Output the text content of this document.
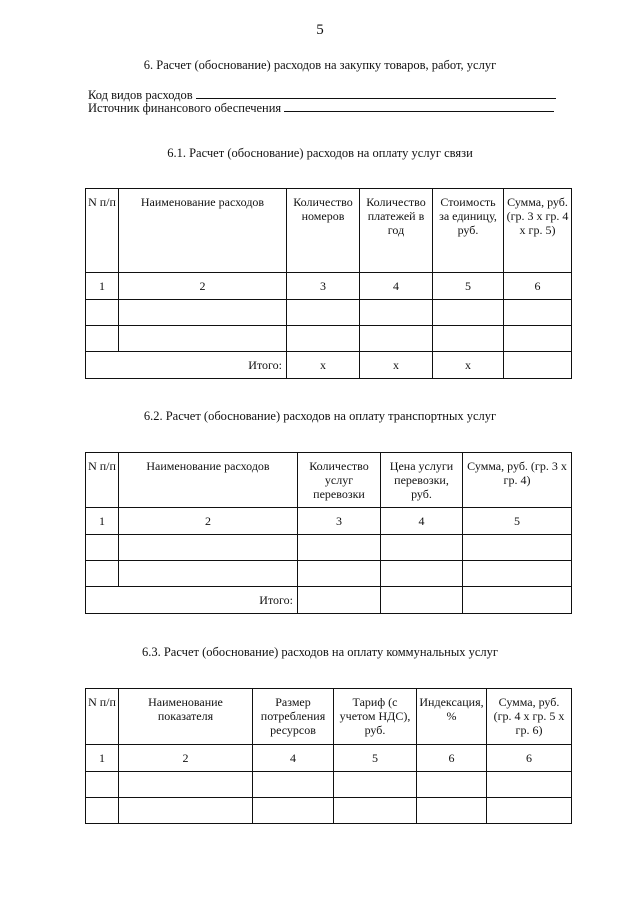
5
6. Расчет (обоснование) расходов на закупку товаров, работ, услуг
Код видов расходов
Источник финансового обеспечения
6.1. Расчет (обоснование) расходов на оплату услуг связи
N п/п	Наименование расходов	Количество номеров	Количество платежей в год	Стоимость за единицу, руб.	Сумма, руб. (гр. 3 x гр. 4 x гр. 5)
1	2	3	4	5	6

Итого:		x	x	x	
6.2. Расчет (обоснование) расходов на оплату транспортных услуг
N п/п	Наименование расходов	Количество услуг перевозки	Цена услуги перевозки, руб.	Сумма, руб. (гр. 3 x гр. 4)
1	2	3	4	5

Итого:				
6.3. Расчет (обоснование) расходов на оплату коммунальных услуг
N п/п	Наименование показателя	Размер потребления ресурсов	Тариф (с учетом НДС), руб.	Индексация, %	Сумма, руб. (гр. 4 x гр. 5 x гр. 6)
1	2	4	5	6	6
